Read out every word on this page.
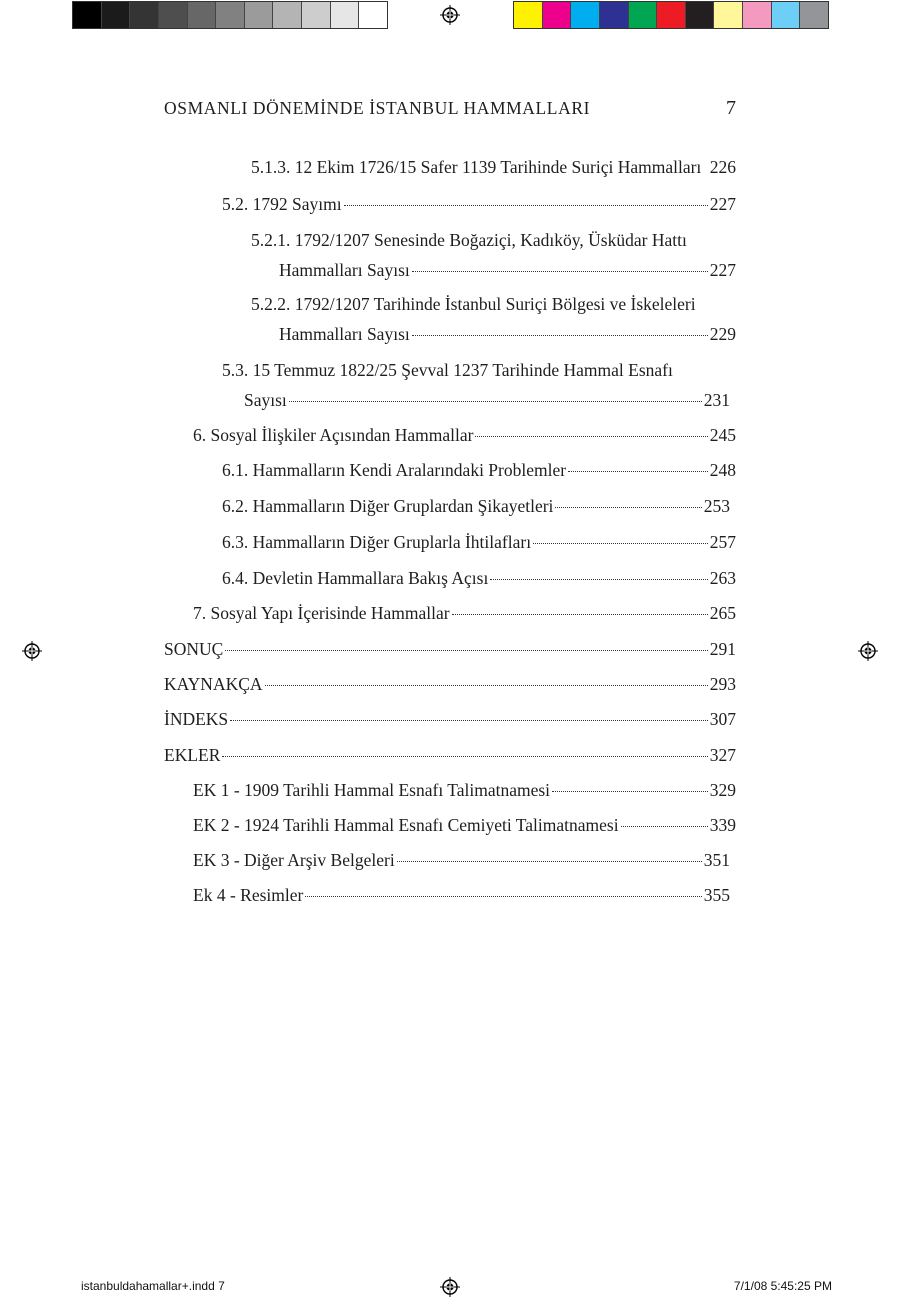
OSMANLI DÖNEMİNDE İSTANBUL HAMMALLARI	7
5.1.3. 12 Ekim 1726/15 Safer 1139 Tarihinde Suriçi Hammalları 226
5.2. 1792 Sayımı	227
5.2.1. 1792/1207 Senesinde Boğaziçi, Kadıköy, Üsküdar Hattı
Hammalları Sayısı	227
5.2.2. 1792/1207 Tarihinde İstanbul Suriçi Bölgesi ve İskeleleri
Hammalları Sayısı	229
5.3. 15 Temmuz 1822/25 Şevval 1237 Tarihinde Hammal Esnafı
Sayısı	231
6. Sosyal İlişkiler Açısından Hammallar	245
6.1. Hammalların Kendi Aralarındaki Problemler	248
6.2. Hammalların Diğer Gruplardan Şikayetleri	253
6.3. Hammalların Diğer Gruplarla İhtilafları	257
6.4. Devletin Hammallara Bakış Açısı	263
7. Sosyal Yapı İçerisinde Hammallar	265
SONUÇ	291
KAYNAKÇA	293
İNDEKS	307
EKLER	327
EK 1 - 1909 Tarihli Hammal Esnafı Talimatnamesi	329
EK 2 - 1924 Tarihli Hammal Esnafı Cemiyeti Talimatnamesi	339
EK 3 - Diğer Arşiv Belgeleri	351
Ek 4 - Resimler	355
istanbuldahamallar+.indd 7	7/1/08 5:45:25 PM
